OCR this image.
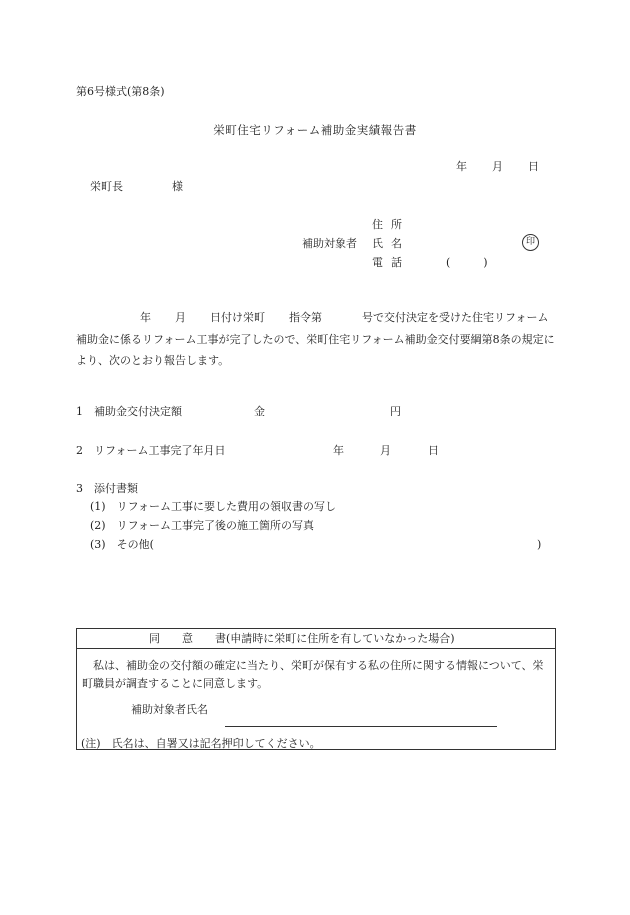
第6号様式(第8条)
栄町住宅リフォーム補助金実績報告書
年 月 日
栄町長	様
住所
補助対象者 氏名	印
電話	(　　　)
年 月 日付け栄町 指令第	号で交付決定を受けた住宅リフォーム補助金に係るリフォーム工事が完了したので、栄町住宅リフォーム補助金交付要綱第8条の規定により、次のとおり報告します。
1　補助金交付決定額	金	円
2　リフォーム工事完了年月日	年	月	日
3　添付書類
(1)　リフォーム工事に要した費用の領収書の写し
(2)　リフォーム工事完了後の施工箇所の写真
(3)　その他(	)
同　　意　　書(申請時に栄町に住所を有していなかった場合)
私は、補助金の交付額の確定に当たり、栄町が保有する私の住所に関する情報について、栄町職員が調査することに同意します。
補助対象者氏名
(注)　氏名は、自署又は記名押印してください。
